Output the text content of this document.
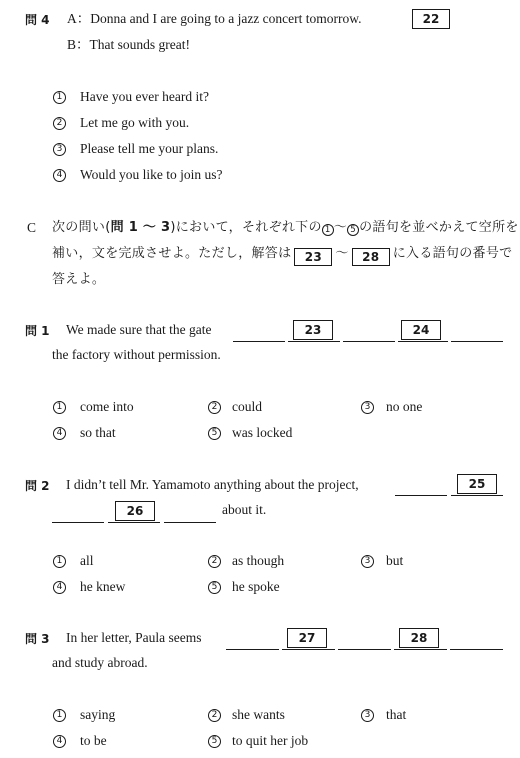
問 4 A：Donna and I are going to a jazz concert tomorrow.	22
B：That sounds great!
1 Have you ever heard it?
2 Let me go with you.
3 Please tell me your plans.
4 Would you like to join us?
C 次の問い(問 1 〜 3)において，それぞれ下の 1 〜 5 の語句を並べかえて空所を
補い，文を完成させよ。ただし，解答は 23 〜 28 に入る語句の番号で
答えよ。
問 1 We made sure that the gate	23	24
the factory without permission.
1 come into	2 could	3 no one
4 so that	5 was locked
問 2 I didn’t tell Mr. Yamamoto anything about the project,	25
26	about it.
1 all	2 as though	3 but
4 he knew	5 he spoke
問 3 In her letter, Paula seems	27	28
and study abroad.
1 saying	2 she wants	3 that
4 to be	5 to quit her job
